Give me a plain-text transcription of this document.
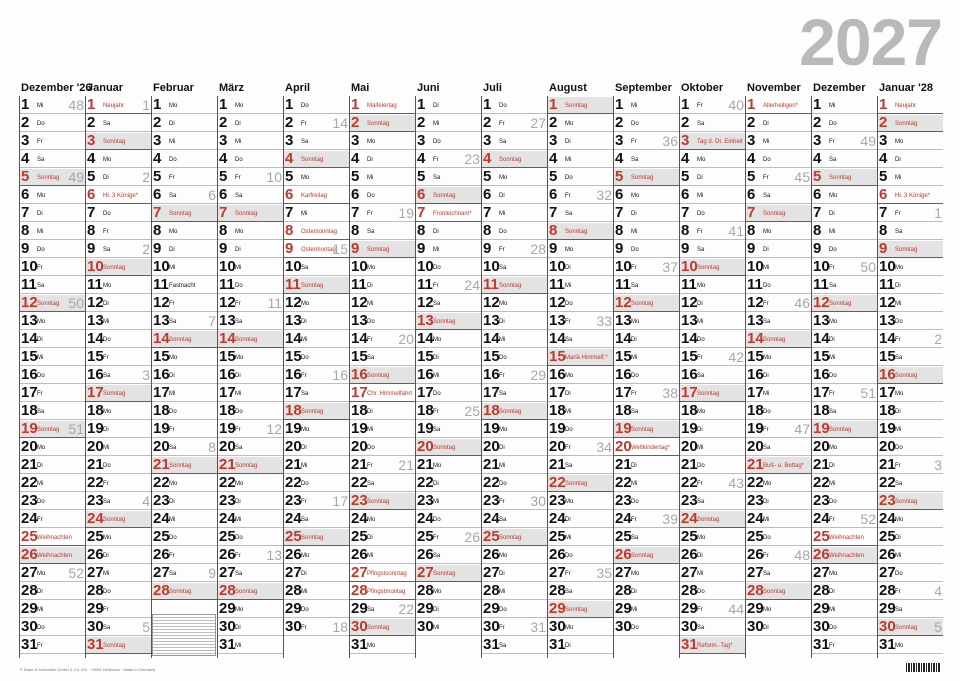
2027
Dezember '26
1 Mi 48
2 Do
3 Fr
4 Sa
5 Sonntag 49
6 Mo
7 Di
8 Mi
9 Do
10 Fr
11 Sa
12 Sonntag 50
13 Mo
14 Di
15 Mi
16 Do
17 Fr
18 Sa
19 Sonntag 51
20 Mo
21 Di
22 Mi
23 Do
24 Fr
25 Weihnachten
26 Weihnachten
27 Mo 52
28 Di
29 Mi
30 Do
31 Fr
Januar
1 Neujahr 1
2 Sa
3 Sonntag
4 Mo
5 Di 2
6 Hl. 3 Könige*
7 Do
8 Fr
9 Sa 2
10 Sonntag
11 Mo
12 Di
13 Mi
14 Do
15 Fr
16 Sa 3
17 Sonntag
18 Mo
19 Di
20 Mi
21 Do
22 Fr
23 Sa 4
24 Sonntag
25 Mo
26 Di
27 Mi
28 Do
29 Fr
30 Sa 5
31 Sonntag
Februar
1 Mo
2 Di
3 Mi
4 Do
5 Fr
6 Sa 6
7 Sonntag
8 Mo
9 Di
10 Mi
11 Fastnacht
12 Fr
13 Sa 7
14 Sonntag
15 Mo
16 Di
17 Mi
18 Do
19 Fr
20 Sa 8
21 Sonntag
22 Mo
23 Di
24 Mi
25 Do
26 Fr
27 Sa 9
28 Sonntag
März
1 Mo
2 Di
3 Mi
4 Do
5 Fr 10
6 Sa
7 Sonntag
8 Mo
9 Di
10 Mi
11 Do
12 Fr 11
13 Sa
14 Sonntag
15 Mo
16 Di
17 Mi
18 Do
19 Fr 12
20 Sa
21 Sonntag
22 Mo
23 Di
24 Mi
25 Do
26 Fr 13
27 Sa
28 Sonntag
29 Mo
30 Di
31 Mi
April
1 Do
2 Fr 14
3 Sa
4 Sonntag
5 Mo
6 Karfreitag
7 Mi
8 Ostersonntag
9 Ostermontag
15
10 Sa
11 Sonntag
12 Mo
13 Di
14 Mi
15 Do
16 Fr 16
17 Sa
18 Sonntag
19 Mo
20 Di
21 Mi
22 Do
23 Fr 17
24 Sa
25 Sonntag
26 Mo
27 Di
28 Mi
29 Do
30 Fr 18
Mai
1 Maifeiertag
2 Sonntag
3 Mo
4 Di
5 Mi
6 Do
7 Fr 19
8 Sa
9 Sonntag
10 Mo
11 Di
12 Mi
13 Do
14 Fr 20
15 Sa
16 Sonntag
17 Chr. Himmelfahrt
18 Di
19 Mi
20 Do
21 Fr 21
22 Sa
23 Sonntag
24 Mo
25 Di
26 Mi
27 Pfingstsonntag
28 Pfingstmontag
29 Sa 22
30 Sonntag
31 Mo
Juni
1 Di
2 Mi
3 Do
4 Fr 23
5 Sa
6 Sonntag
7 Fronleichnam*
8 Di
9 Mi
10 Do
11 Fr 24
12 Sa
13 Sonntag
14 Mo
15 Di
16 Mi
17 Do
18 Fr 25
19 Sa
20 Sonntag
21 Mo
22 Di
23 Mi
24 Do
25 Fr 26
26 Sa
27 Sonntag
28 Mo
29 Di
30 Mi
Juli
1 Do
2 Fr 27
3 Sa
4 Sonntag
5 Mo
6 Di
7 Mi
8 Do
9 Fr 28
10 Sa
11 Sonntag
12 Mo
13 Di
14 Mi
15 Do
16 Fr 29
17 Sa
18 Sonntag
19 Mo
20 Di
21 Mi
22 Do
23 Fr 30
24 Sa
25 Sonntag
26 Mo
27 Di
28 Mi
29 Do
30 Fr 31
31 Sa
August
1 Sonntag
2 Mo
3 Di
4 Mi
5 Do
6 Fr 32
7 Sa
8 Sonntag
9 Mo
10 Di
11 Mi
12 Do
13 Fr 33
14 Sa
15 Mariä Himmelf.*
16 Mo
17 Di
18 Mi
19 Do
20 Fr 34
21 Sa
22 Sonntag
23 Mo
24 Di
25 Mi
26 Do
27 Fr 35
28 Sa
29 Sonntag
30 Mo
31 Di
September
1 Mi
2 Do
3 Fr 36
4 Sa
5 Sonntag
6 Mo
7 Di
8 Mi
9 Do
10 Fr 37
11 Sa
12 Sonntag
13 Mo
14 Di
15 Mi
16 Do
17 Fr 38
18 Sa
19 Sonntag
20 Weltkindertag*
21 Di
22 Mi
23 Do
24 Fr 39
25 Sa
26 Sonntag
27 Mo
28 Di
29 Mi
30 Do
Oktober
1 Fr 40
2 Sa
3 Tag d. Dt. Einheit
4 Mo
5 Di
6 Mi
7 Do
8 Fr 41
9 Sa
10 Sonntag
11 Mo
12 Di
13 Mi
14 Do
15 Fr 42
16 Sa
17 Sonntag
18 Mo
19 Di
20 Mi
21 Do
22 Fr 43
23 Sa
24 Sonntag
25 Mo
26 Di
27 Mi
28 Do
29 Fr 44
30 Sa
31 Reform.-Tag*
November
1 Allerheiligen*
2 Di
3 Mi
4 Do
5 Fr 45
6 Sa
7 Sonntag
8 Mo
9 Di
10 Mi
11 Do
12 Fr 46
13 Sa
14 Sonntag
15 Mo
16 Di
17 Mi
18 Do
19 Fr 47
20 Sa
21 Buß- u. Bettag*
22 Mo
23 Di
24 Mi
25 Do
26 Fr 48
27 Sa
28 Sonntag
29 Mo
30 Di
Dezember
1 Mi
2 Do
3 Fr 49
4 Sa
5 Sonntag
6 Mo
7 Di
8 Mi
9 Do
10 Fr 50
11 Sa
12 Sonntag
13 Mo
14 Di
15 Mi
16 Do
17 Fr 51
18 Sa
19 Sonntag
20 Mo
21 Di
22 Mi
23 Do
24 Fr 52
25 Weihnachten
26 Weihnachten
27 Mo
28 Di
29 Mi
30 Do
31 Fr
Januar '28
1 Neujahr
2 Sonntag
3 Mo
4 Di
5 Mi
6 Hl. 3 Könige*
7 Fr 1
8 Sa
9 Sonntag
10 Mo
11 Di
12 Mi
13 Do
14 Fr 2
15 Sa
16 Sonntag
17 Mo
18 Di
19 Mi
20 Do
21 Fr 3
22 Sa
23 Sonntag
24 Mo
25 Di
26 Mi
27 Do
28 Fr 4
29 Sa
30 Sonntag 5
31 Mo
© Baier & Schneider GmbH & Co. KG · 74081 Heilbronn · Made in Germany
